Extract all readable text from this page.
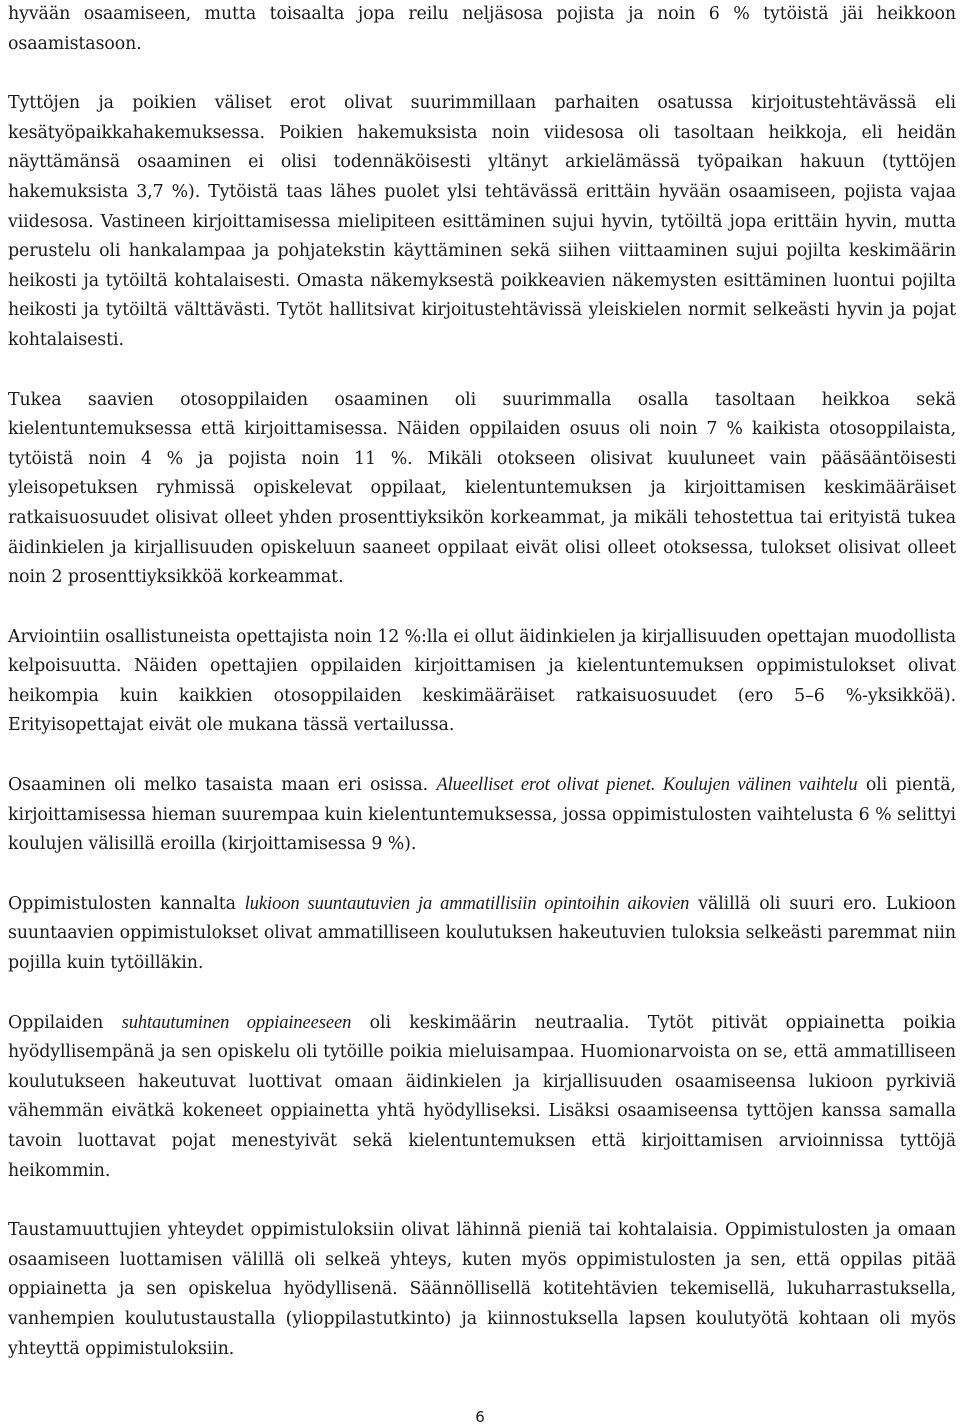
hyvään osaamiseen, mutta toisaalta jopa reilu neljäsosa pojista ja noin 6 % tytöistä jäi heikkoon osaamistasoon.

Tyttöjen ja poikien väliset erot olivat suurimmillaan parhaiten osatussa kirjoitustehtävässä eli kesätyöpaikkahakemuksessa. Poikien hakemuksista noin viidesosa oli tasoltaan heikkoja, eli heidän näyttämänsä osaaminen ei olisi todennäköisesti yltänyt arkielämässä työpaikan hakuun (tyttöjen hakemuksista 3,7 %). Tytöistä taas lähes puolet ylsi tehtävässä erittäin hyvään osaamiseen, pojista vajaa viidesosa. Vastineen kirjoittamisessa mielipiteen esittäminen sujui hyvin, tytöiltä jopa erittäin hyvin, mutta perustelu oli hankalampaa ja pohjatekstin käyttäminen sekä siihen viittaaminen sujui pojilta keskimäärin heikosti ja tytöiltä kohtalaisesti. Omasta näkemyksestä poikkeavien näkemysten esittäminen luontui pojilta heikosti ja tytöiltä välttävästi. Tytöt hallitsivat kirjoitustehtävissä yleiskielen normit selkeästi hyvin ja pojat kohtalaisesti.

Tukea saavien otosoppilaiden osaaminen oli suurimmalla osalla tasoltaan heikkoa sekä kielentuntemuksessa että kirjoittamisessa. Näiden oppilaiden osuus oli noin 7 % kaikista otosoppilaista, tytöistä noin 4 % ja pojista noin 11 %. Mikäli otokseen olisivat kuuluneet vain pääsääntöisesti yleisopetuksen ryhmissä opiskelevat oppilaat, kielentuntemuksen ja kirjoittamisen keskimääräiset ratkaisuosuudet olisivat olleet yhden prosenttiyksikön korkeammat, ja mikäli tehostettua tai erityistä tukea äidinkielen ja kirjallisuuden opiskeluun saaneet oppilaat eivät olisi olleet otoksessa, tulokset olisivat olleet noin 2 prosenttiyksikköä korkeammat.

Arviointiin osallistuneista opettajista noin 12 %:lla ei ollut äidinkielen ja kirjallisuuden opettajan muodollista kelpoisuutta. Näiden opettajien oppilaiden kirjoittamisen ja kielentuntemuksen oppimistulokset olivat heikompia kuin kaikkien otosoppilaiden keskimääräiset ratkaisuosuudet (ero 5–6 %-yksikköä). Erityisopettajat eivät ole mukana tässä vertailussa.

Osaaminen oli melko tasaista maan eri osissa. Alueelliset erot olivat pienet. Koulujen välinen vaihtelu oli pientä, kirjoittamisessa hieman suurempaa kuin kielentuntemuksessa, jossa oppimistulosten vaihtelusta 6 % selittyi koulujen välisillä eroilla (kirjoittamisessa 9 %).

Oppimistulosten kannalta lukioon suuntautuvien ja ammatillisiin opintoihin aikovien välillä oli suuri ero. Lukioon suuntaavien oppimistulokset olivat ammatilliseen koulutuksen hakeutuvien tuloksia selkeästi paremmat niin pojilla kuin tytöilläkin.

Oppilaiden suhtautuminen oppiaineeseen oli keskimäärin neutraalia. Tytöt pitivät oppiainetta poikia hyödyllisempänä ja sen opiskelu oli tytöille poikia mieluisampaa. Huomionarvoista on se, että ammatilliseen koulutukseen hakeutuvat luottivat omaan äidinkielen ja kirjallisuuden osaamiseensa lukioon pyrkiviä vähemmän eivätkä kokeneet oppiainetta yhtä hyödylliseksi. Lisäksi osaamiseensa tyttöjen kanssa samalla tavoin luottavat pojat menestyivät sekä kielentuntemuksen että kirjoittamisen arvioinnissa tyttöjä heikommin.

Taustamuuttujien yhteydet oppimistuloksiin olivat lähinnä pieniä tai kohtalaisia. Oppimistulosten ja omaan osaamiseen luottamisen välillä oli selkeä yhteys, kuten myös oppimistulosten ja sen, että oppilas pitää oppiainetta ja sen opiskelua hyödyllisenä. Säännöllisellä kotitehtävien tekemisellä, lukuharrastuksella, vanhempien koulutustaustalla (ylioppilastutkinto) ja kiinnostuksella lapsen koulutyötä kohtaan oli myös yhteyttä oppimistuloksiin.

6
